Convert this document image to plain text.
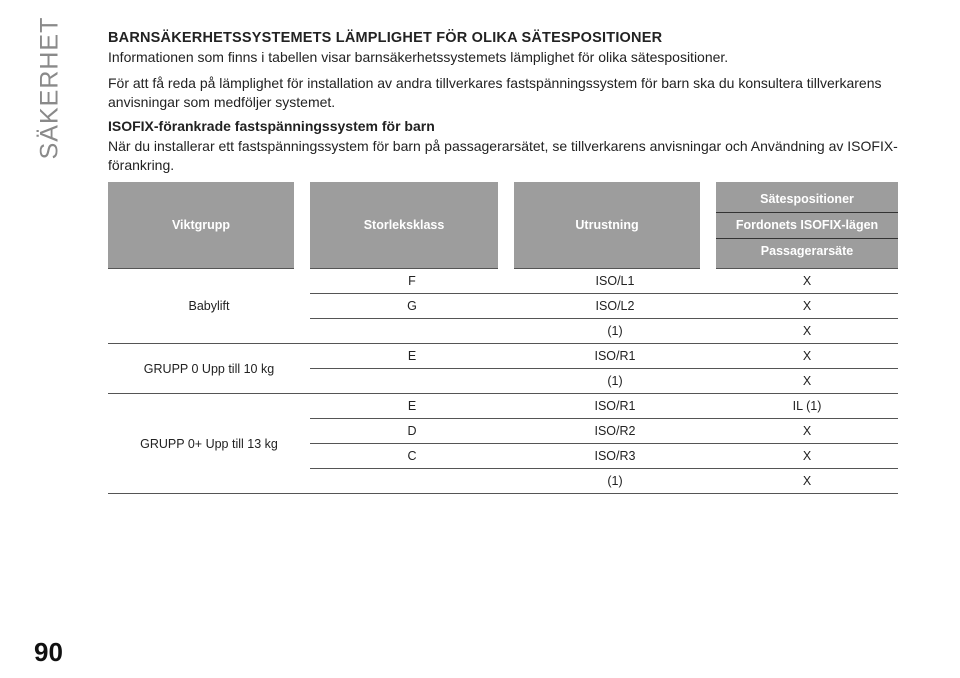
SÄKERHET	BARNSÄKERHETSSYSTEMETS LÄMPLIGHET FÖR OLIKA SÄTESPOSITIONER

Informationen som finns i tabellen visar barnsäkerhetssystemets lämplighet för olika sätespositioner.

För att få reda på lämplighet för installation av andra tillverkares fastspänningssystem för barn ska du konsultera tillverkarens anvisningar som medföljer systemet.

ISOFIX-förankrade fastspänningssystem för barn

När du installerar ett fastspänningssystem för barn på passagerarsätet, se tillverkarens anvisningar och Användning av ISOFIX-förankring.

Viktgrupp		Storleksklass		Utrustning		Sätespositioner
Fordonets ISOFIX-lägen
Passagerarsäte

Babylift		F		ISO/L1		X
		G		ISO/L2		X
				(1)		X
GRUPP 0 Upp till 10 kg		E		ISO/R1		X
				(1)		X
GRUPP 0+ Upp till 13 kg		E		ISO/R1		IL (1)
		D		ISO/R2		X
		C		ISO/R3		X
				(1)		X
90
